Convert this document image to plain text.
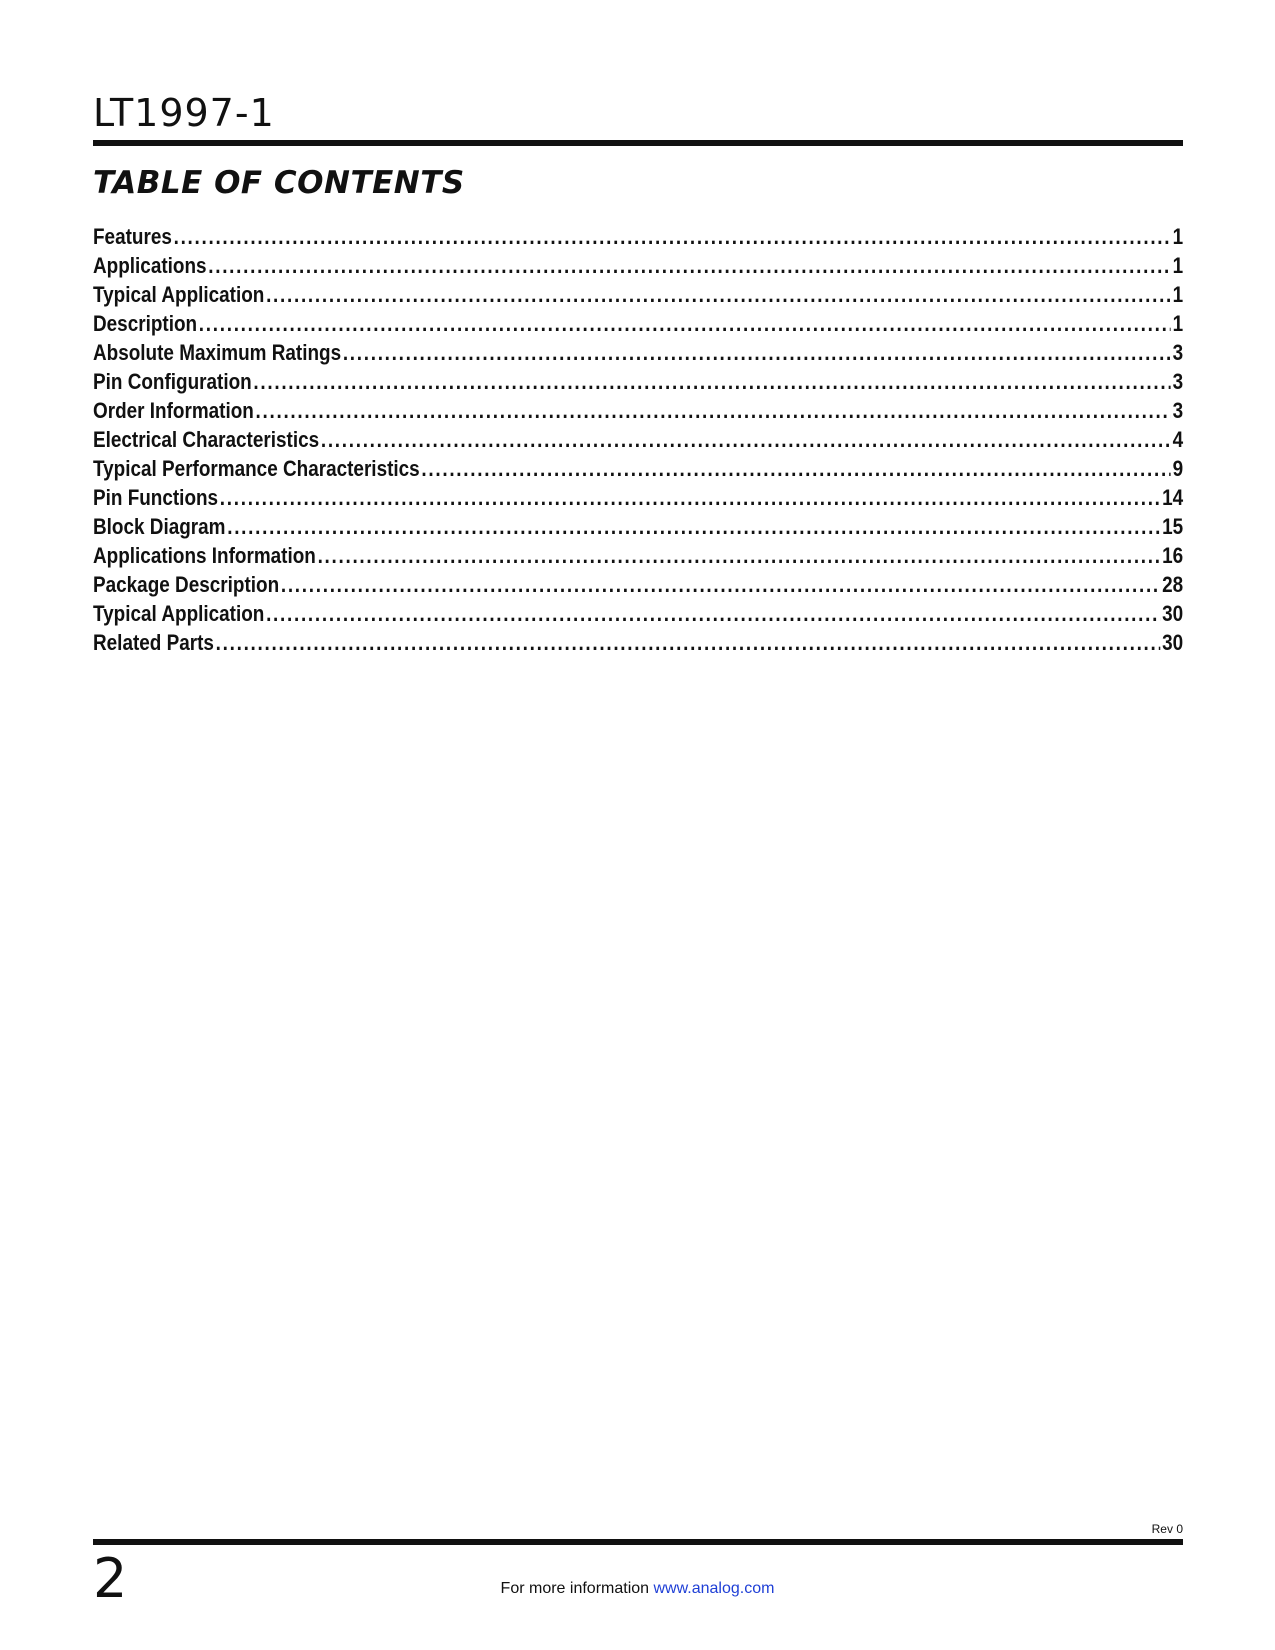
LT1997-1
TABLE OF CONTENTS
Features .....	1
Applications .....	1
Typical Application .....	1
Description .....	1
Absolute Maximum Ratings .....	3
Pin Configuration .....	3
Order Information .....	3
Electrical Characteristics .....	4
Typical Performance Characteristics .....	9
Pin Functions .....	14
Block Diagram .....	15
Applications Information .....	16
Package Description .....	28
Typical Application .....	30
Related Parts .....	30
Rev 0
2	For more information www.analog.com
